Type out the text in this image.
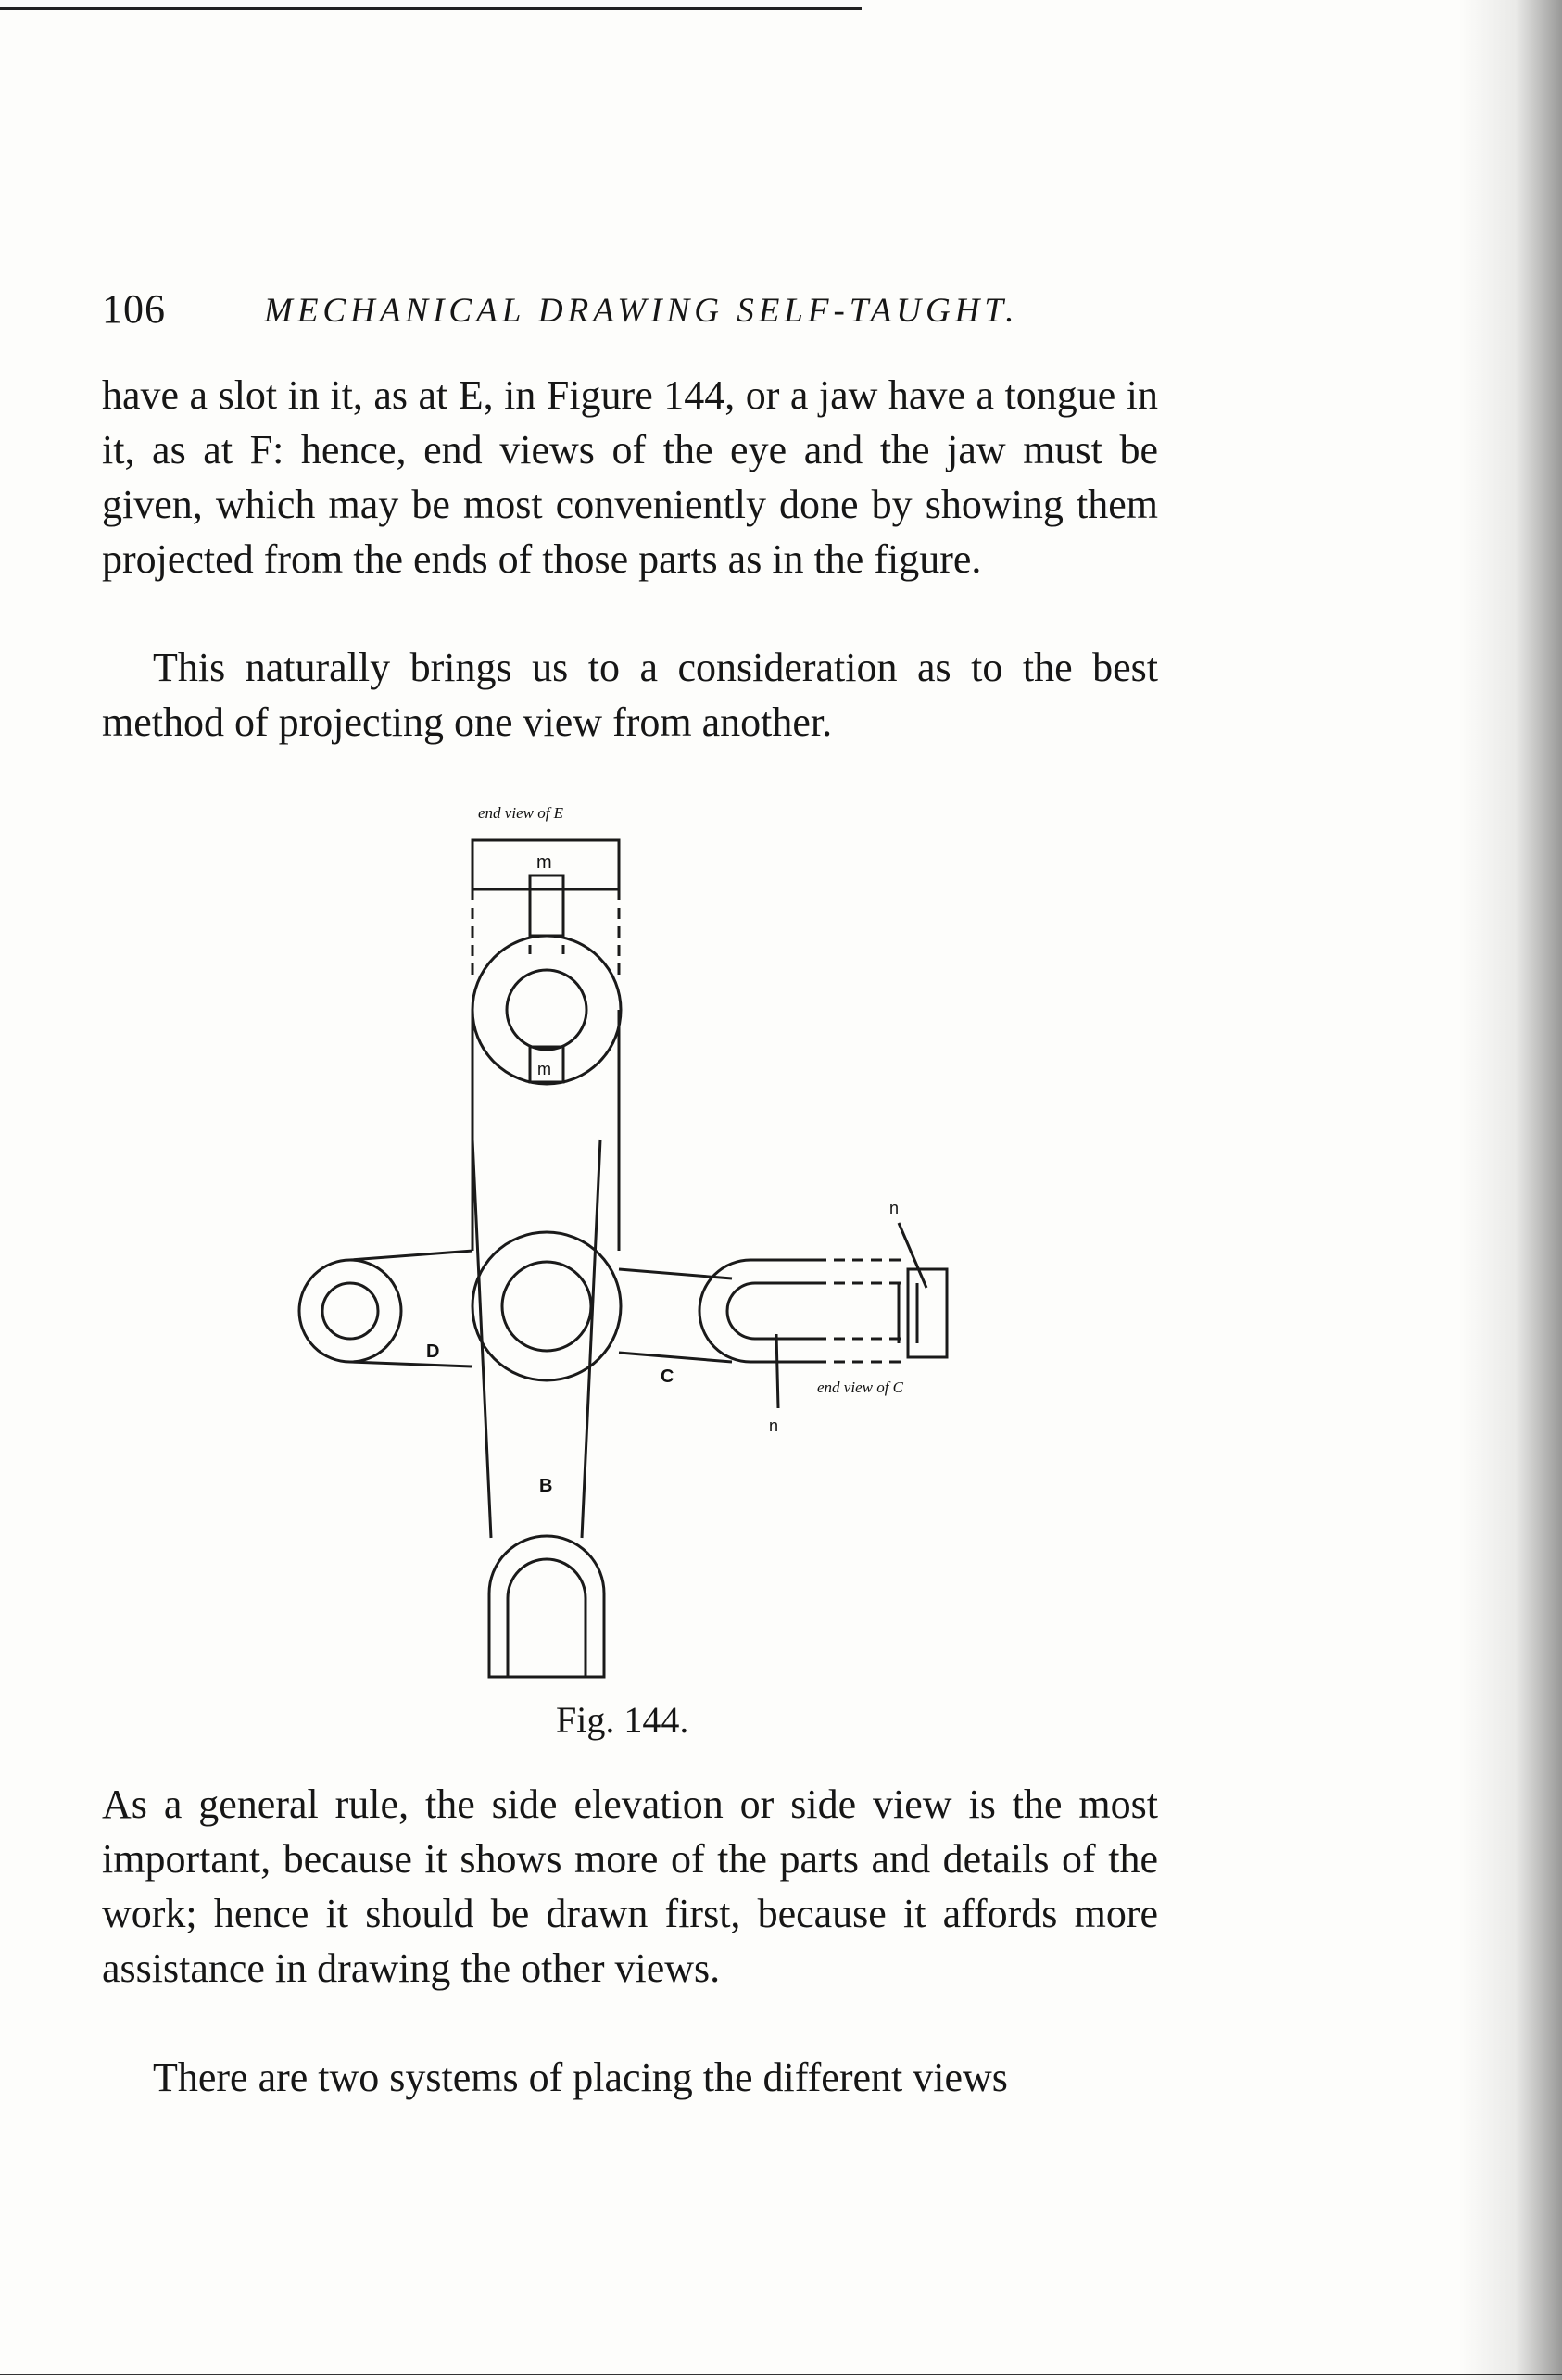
106	MECHANICAL DRAWING SELF-TAUGHT.

have a slot in it, as at E, in Figure 144, or a jaw have a tongue in it, as at F: hence, end views of the eye and the jaw must be given, which may be most conveniently done by showing them projected from the ends of those parts as in the figure.

This naturally brings us to a consideration as to the best method of projecting one view from another.

end view of E
m
m
n
n
end view of C
D
C
B
Fig. 144.

As a general rule, the side elevation or side view is the most important, because it shows more of the parts and details of the work; hence it should be drawn first, because it affords more assistance in drawing the other views.

There are two systems of placing the different views
